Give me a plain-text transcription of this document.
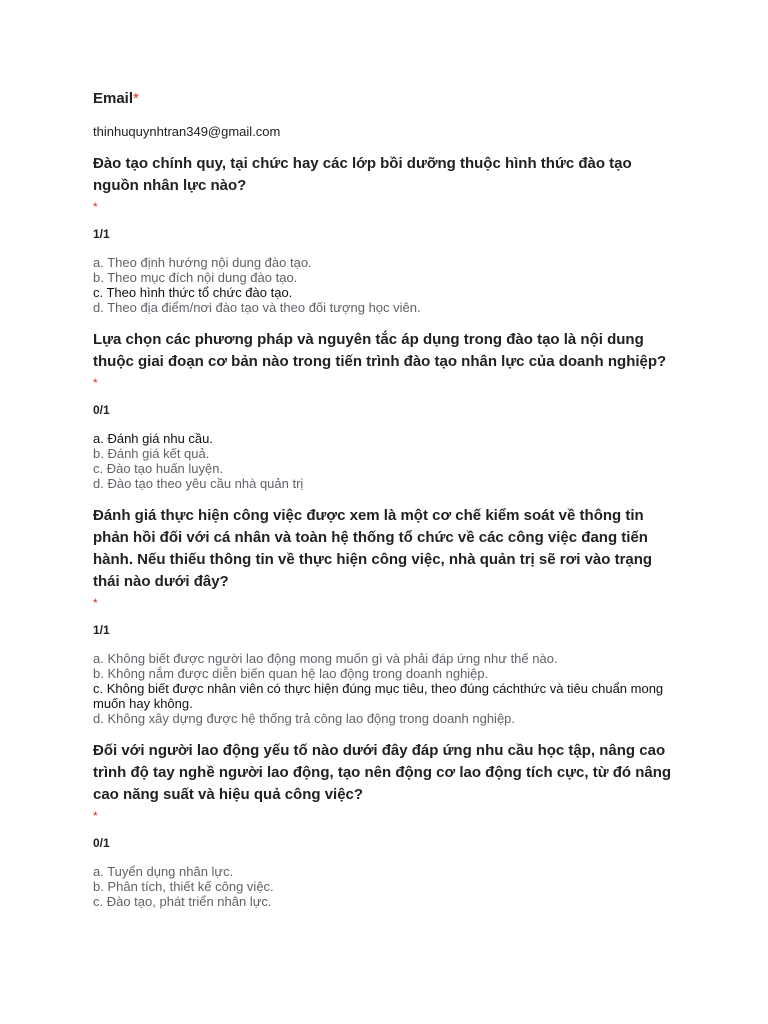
Email*
thinhuquynhtran349@gmail.com
Đào tạo chính quy, tại chức hay các lớp bồi dưỡng thuộc hình thức đào tạo nguồn nhân lực nào?
*
1/1
a. Theo định hướng nội dung đào tạo.
b. Theo mục đích nội dung đào tạo.
c. Theo hình thức tổ chức đào tạo.
d. Theo địa điểm/nơi đào tạo và theo đối tượng học viên.
Lựa chọn các phương pháp và nguyên tắc áp dụng trong đào tạo là nội dung thuộc giai đoạn cơ bản nào trong tiến trình đào tạo nhân lực của doanh nghiệp?
*
0/1
a. Đánh giá nhu cầu.
b. Đánh giá kết quả.
c. Đào tạo huấn luyện.
d. Đào tạo theo yêu cầu nhà quản trị
Đánh giá thực hiện công việc được xem là một cơ chế kiểm soát về thông tin phản hồi đối với cá nhân và toàn hệ thống tổ chức về các công việc đang tiến hành. Nếu thiếu thông tin về thực hiện công việc, nhà quản trị sẽ rơi vào trạng thái nào dưới đây?
*
1/1
a. Không biết được người lao động mong muốn gì và phải đáp ứng như thế nào.
b. Không nắm được diễn biến quan hệ lao động trong doanh nghiệp.
c. Không biết được nhân viên có thực hiện đúng mục tiêu, theo đúng cáchthức và tiêu chuẩn mong muốn hay không.
d. Không xây dựng được hệ thống trả công lao động trong doanh nghiệp.
Đối với người lao động yếu tố nào dưới đây đáp ứng nhu cầu học tập, nâng cao trình độ tay nghề người lao động, tạo nên động cơ lao động tích cực, từ đó nâng cao năng suất và hiệu quả công việc?
*
0/1
a. Tuyển dụng nhân lực.
b. Phân tích, thiết kế công việc.
c. Đào tạo, phát triển nhân lực.
